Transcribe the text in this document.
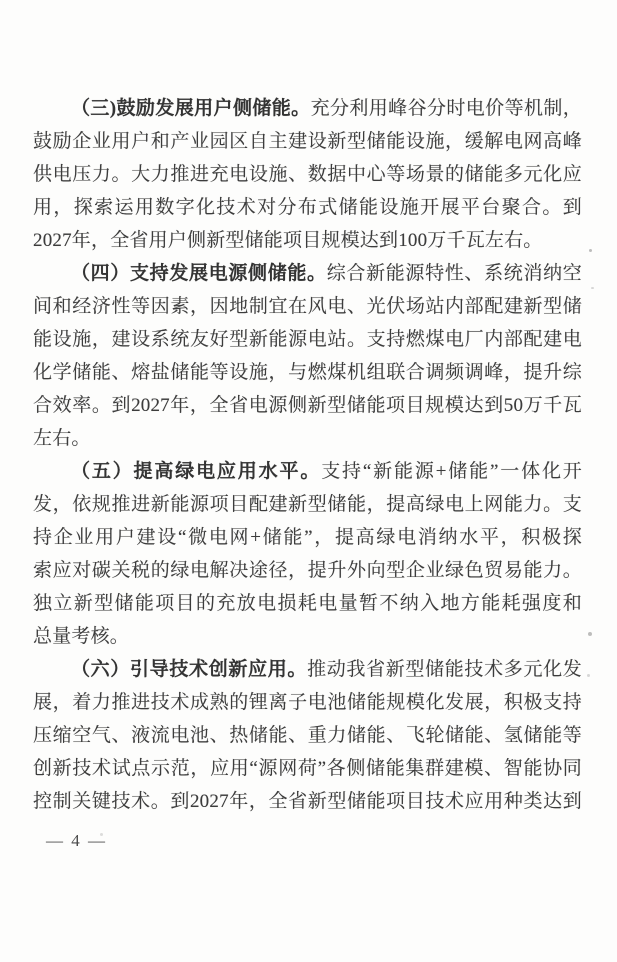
（三)鼓励发展用户侧储能。充分利用峰谷分时电价等机制，

鼓励企业用户和产业园区自主建设新型储能设施，缓解电网高峰

供电压力。大力推进充电设施、数据中心等场景的储能多元化应

用，探索运用数字化技术对分布式储能设施开展平台聚合。到

2027年，全省用户侧新型储能项目规模达到100万千瓦左右。

（四）支持发展电源侧储能。综合新能源特性、系统消纳空

间和经济性等因素，因地制宜在风电、光伏场站内部配建新型储

能设施，建设系统友好型新能源电站。支持燃煤电厂内部配建电

化学储能、熔盐储能等设施，与燃煤机组联合调频调峰，提升综

合效率。到2027年，全省电源侧新型储能项目规模达到50万千瓦

左右。

（五）提高绿电应用水平。支持“新能源+储能”一体化开

发，依规推进新能源项目配建新型储能，提高绿电上网能力。支

持企业用户建设“微电网+储能”，提高绿电消纳水平，积极探

索应对碳关税的绿电解决途径，提升外向型企业绿色贸易能力。

独立新型储能项目的充放电损耗电量暂不纳入地方能耗强度和

总量考核。

（六）引导技术创新应用。推动我省新型储能技术多元化发

展，着力推进技术成熟的锂离子电池储能规模化发展，积极支持

压缩空气、液流电池、热储能、重力储能、飞轮储能、氢储能等

创新技术试点示范，应用“源网荷”各侧储能集群建模、智能协同

控制关键技术。到2027年，全省新型储能项目技术应用种类达到

— 4 —
